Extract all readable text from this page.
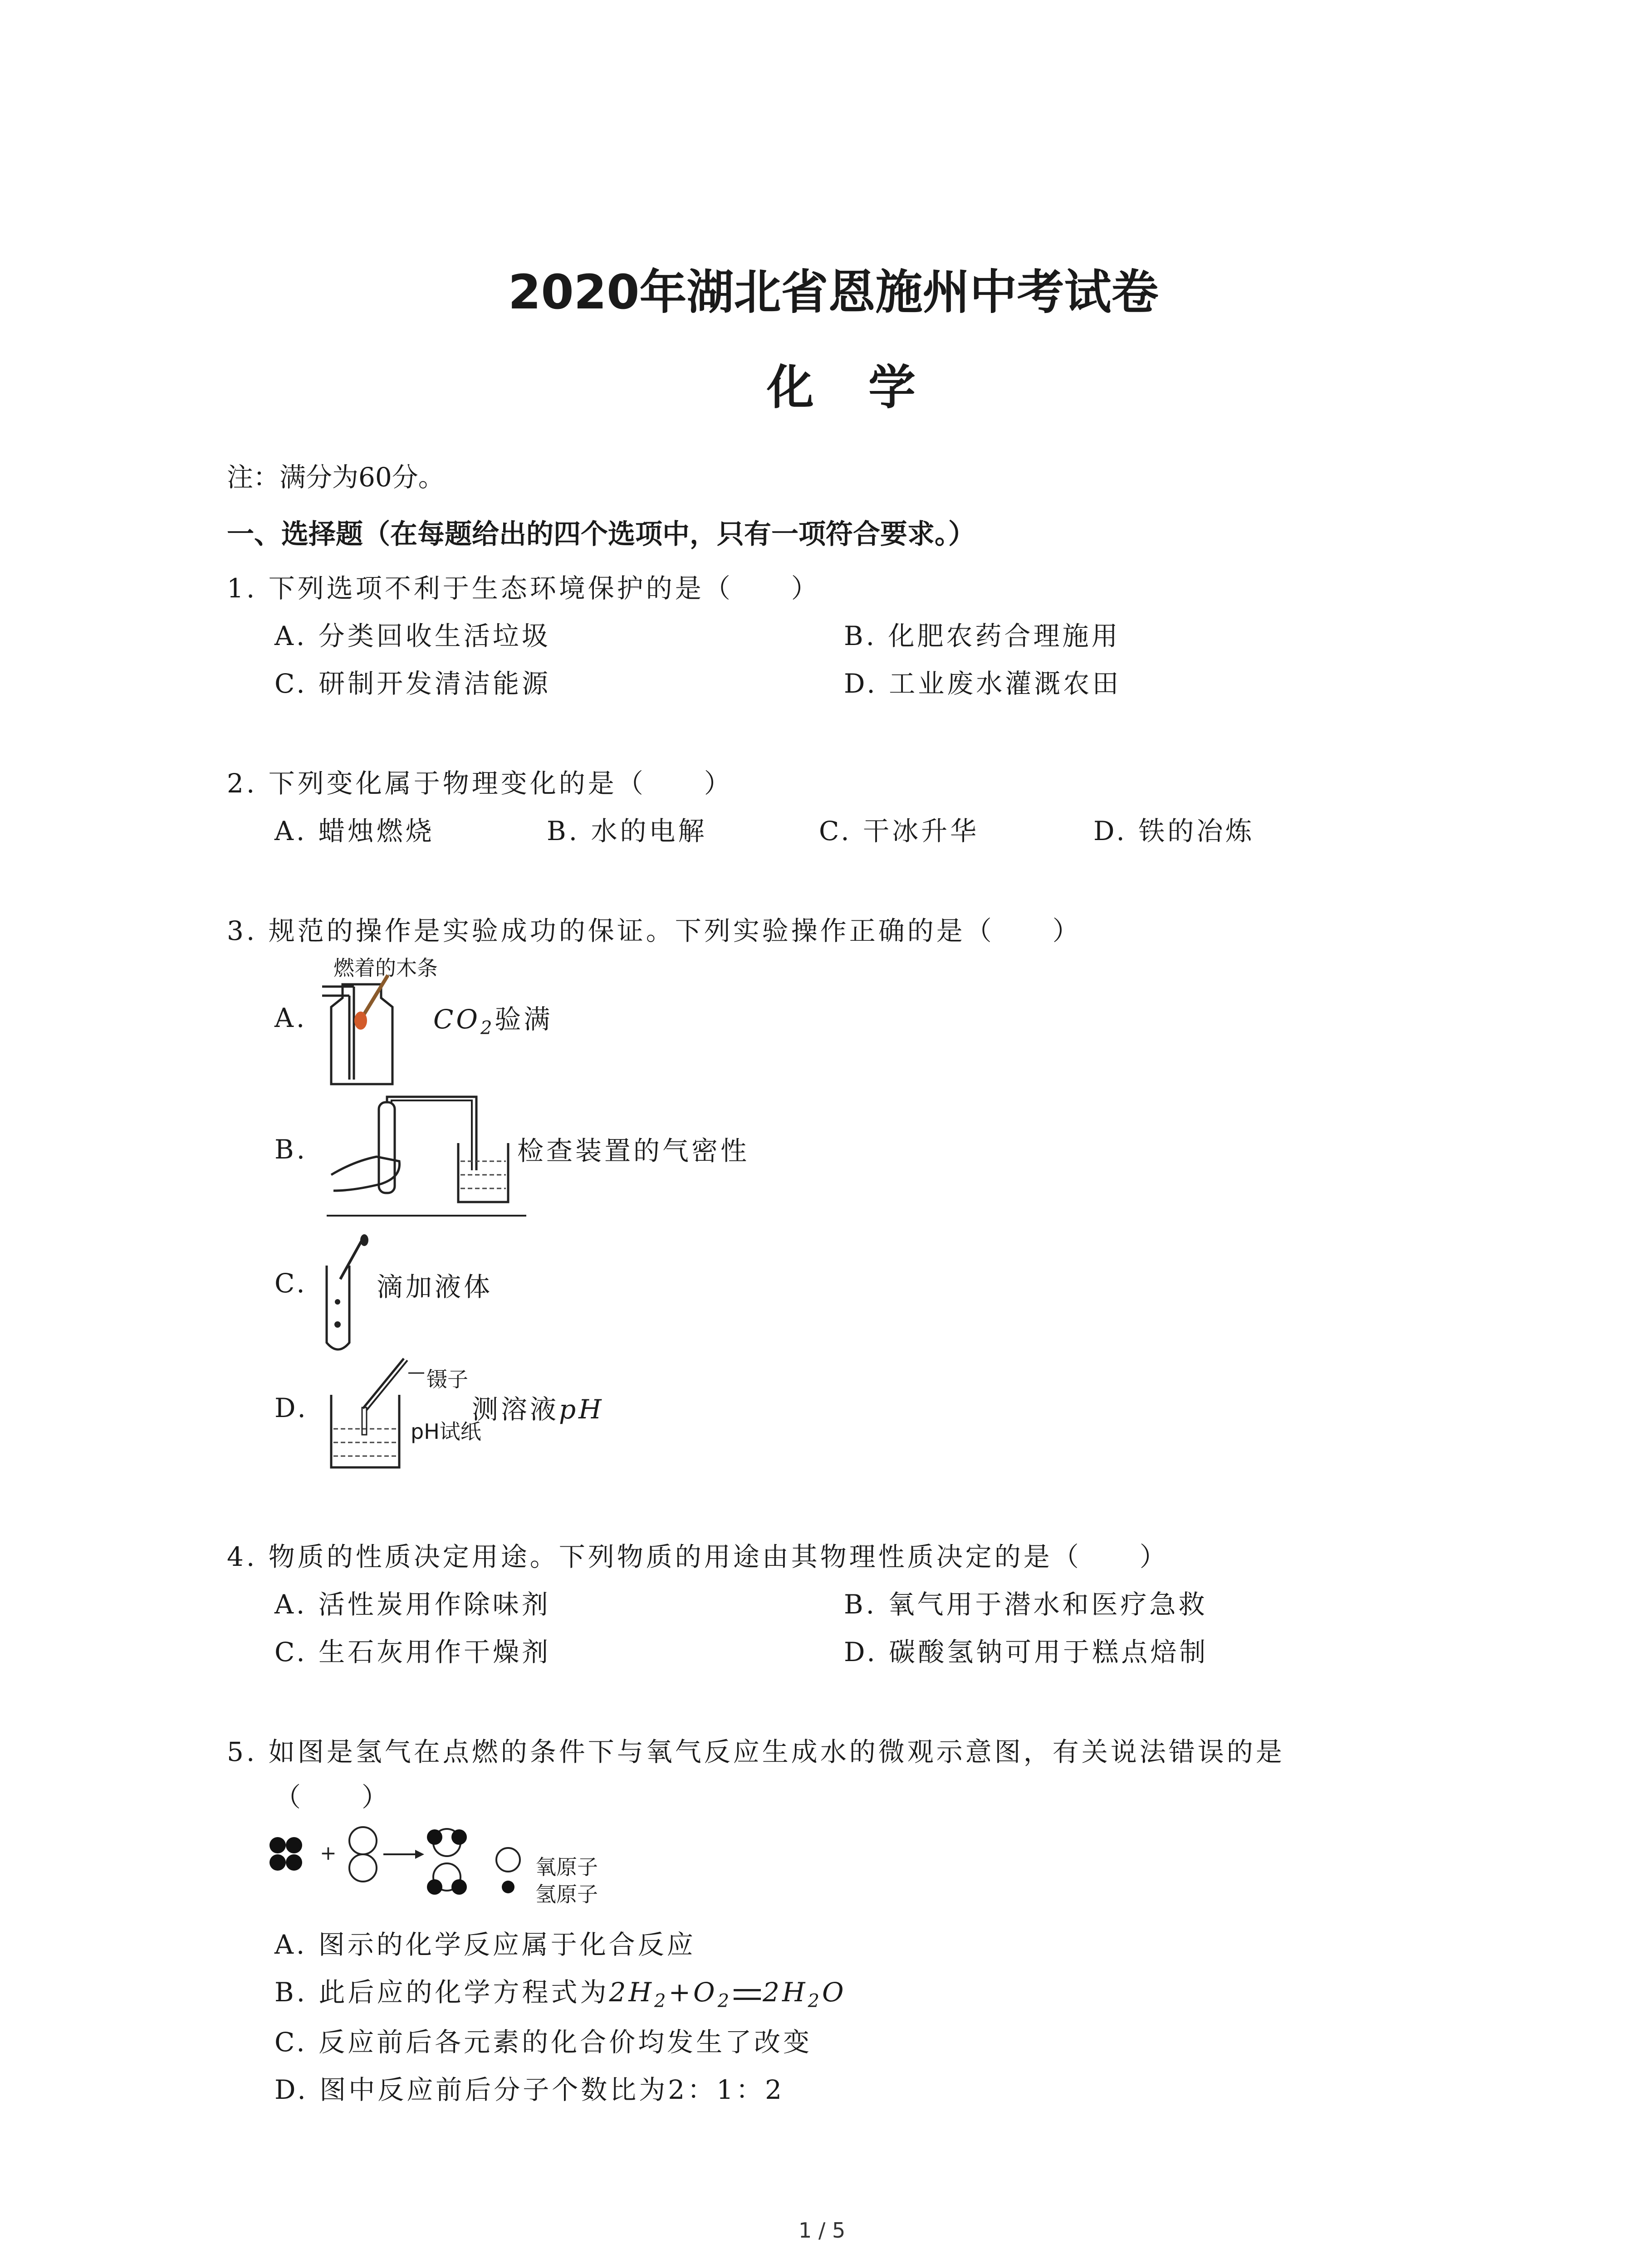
2020年湖北省恩施州中考试卷
化学
注：满分为60分。
一、选择题（在每题给出的四个选项中，只有一项符合要求。）
1. 下列选项不利于生态环境保护的是（　　）
A. 分类回收生活垃圾	B. 化肥农药合理施用
C. 研制开发清洁能源	D. 工业废水灌溉农田
2. 下列变化属于物理变化的是（　　）
A. 蜡烛燃烧	B. 水的电解	C. 干冰升华	D. 铁的冶炼
3. 规范的操作是实验成功的保证。下列实验操作正确的是（　　）
A.
燃着的木条
$CO_2$验满
B.	检查装置的气密性
C.	滴加液体
D.
镊子
pH试纸
测溶液pH
4. 物质的性质决定用途。下列物质的用途由其物理性质决定的是（　　）
A. 活性炭用作除味剂	B. 氧气用于潜水和医疗急救
C. 生石灰用作干燥剂	D. 碳酸氢钠可用于糕点焙制
5. 如图是氢气在点燃的条件下与氧气反应生成水的微观示意图，有关说法错误的是
（　　）
+
氧原子
氢原子
A. 图示的化学反应属于化合反应
B. 此后应的化学方程式为$2H_2+O_2$ $2H_2O$
C. 反应前后各元素的化合价均发生了改变
D. 图中反应前后分子个数比为2：1：2
1 / 5
